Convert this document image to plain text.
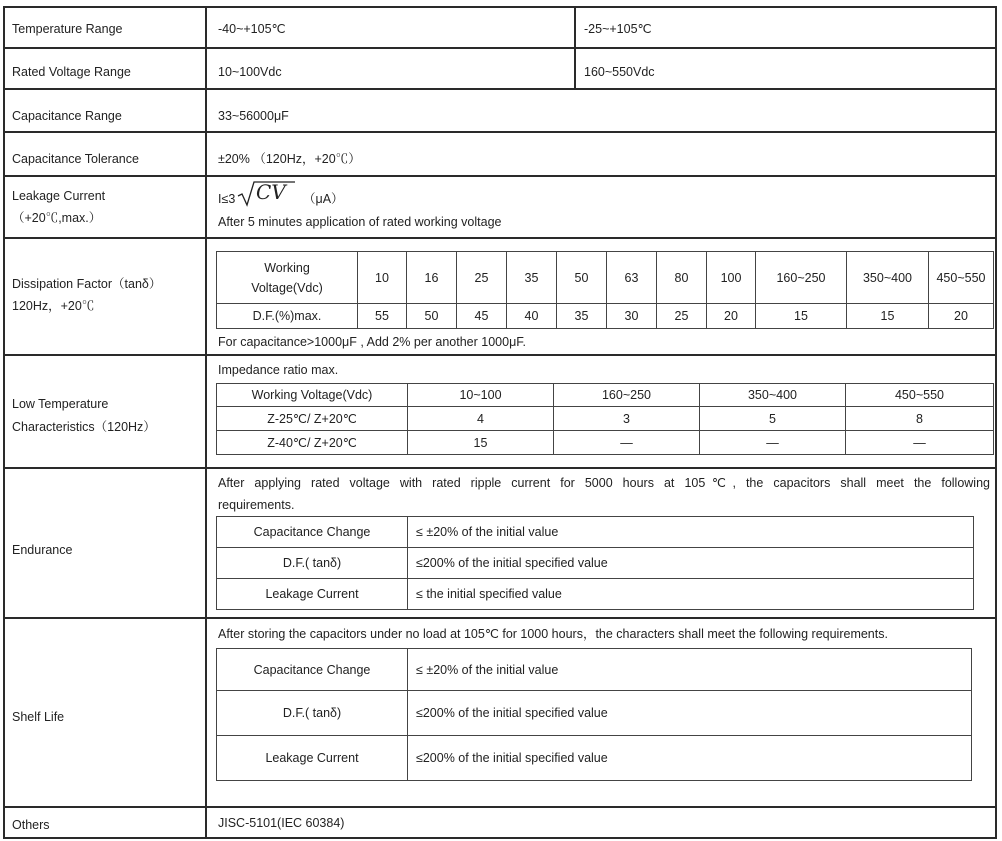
Temperature Range	-40~+105℃	-25~+105℃
Rated Voltage Range	10~100Vdc	160~550Vdc
Capacitance Range	33~56000μF
Capacitance Tolerance	±20% （120Hz，+20℃）
Leakage Current
（+20℃,max.）
I≤3 CV （μA）
After 5 minutes application of rated working voltage
Dissipation Factor（tanδ）
120Hz，+20℃
Working
Voltage(Vdc)	10	16	25	35	50	63	80	100	160~250	350~400	450~550
D.F.(%)max.	55	50	45	40	35	30	25	20	15	15	20
For capacitance>1000μF , Add 2% per another 1000μF.
Low Temperature
Characteristics（120Hz）
Impedance ratio max.
Working Voltage(Vdc)	10~100	160~250	350~400	450~550
Z-25℃/ Z+20℃	4	3	5	8
Z-40℃/ Z+20℃	15	—	—	—
Endurance
After applying rated voltage with rated ripple current for 5000 hours at 105℃, the capacitors shall meet the following
requirements.
Capacitance Change	≤ ±20% of the initial value
D.F.( tanδ)	≤200% of the initial specified value
Leakage Current	≤ the initial specified value
Shelf Life
After storing the capacitors under no load at 105℃ for 1000 hours，the characters shall meet the following requirements.
Capacitance Change	≤ ±20% of the initial value
D.F.( tanδ)	≤200% of the initial specified value
Leakage Current	≤200% of the initial specified value
Others	JISC-5101(IEC 60384)
